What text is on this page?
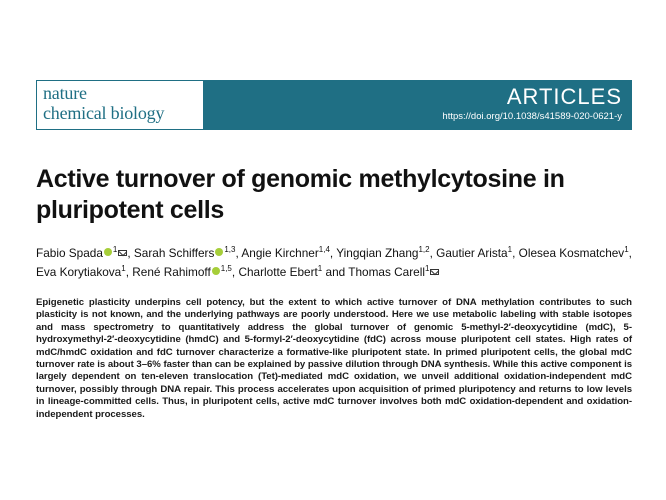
nature
chemical biology
ARTICLES
https://doi.org/10.1038/s41589-020-0621-y
Active turnover of genomic methylcytosine in pluripotent cells
Fabio Spada $^1$ , Sarah Schiffers $^{1,3}$, Angie Kirchner$^{1,4}$, Yingqian Zhang$^{1,2}$, Gautier Arista$^1$, Olesea Kosmatchev$^1$, Eva Korytiakova$^1$, René Rahimoff $^{1,5}$, Charlotte Ebert$^1$ and Thomas Carell$^1$

Epigenetic plasticity underpins cell potency, but the extent to which active turnover of DNA methylation contributes to such plasticity is not known, and the underlying pathways are poorly understood. Here we use metabolic labeling with stable isotopes and mass spectrometry to quantitatively address the global turnover of genomic 5-methyl-2′-deoxycytidine (mdC), 5-hydroxymethyl-2′-deoxycytidine (hmdC) and 5-formyl-2′-deoxycytidine (fdC) across mouse pluripotent cell states. High rates of mdC/hmdC oxidation and fdC turnover characterize a formative-like pluripotent state. In primed pluripotent cells, the global mdC turnover rate is about 3–6% faster than can be explained by passive dilution through DNA synthesis. While this active component is largely dependent on ten-eleven translocation (Tet)-mediated mdC oxidation, we unveil additional oxidation-independent mdC turnover, possibly through DNA repair. This process accelerates upon acquisition of primed pluripotency and returns to low levels in lineage-committed cells. Thus, in pluripotent cells, active mdC turnover involves both mdC oxidation-dependent and oxidation-independent processes.
